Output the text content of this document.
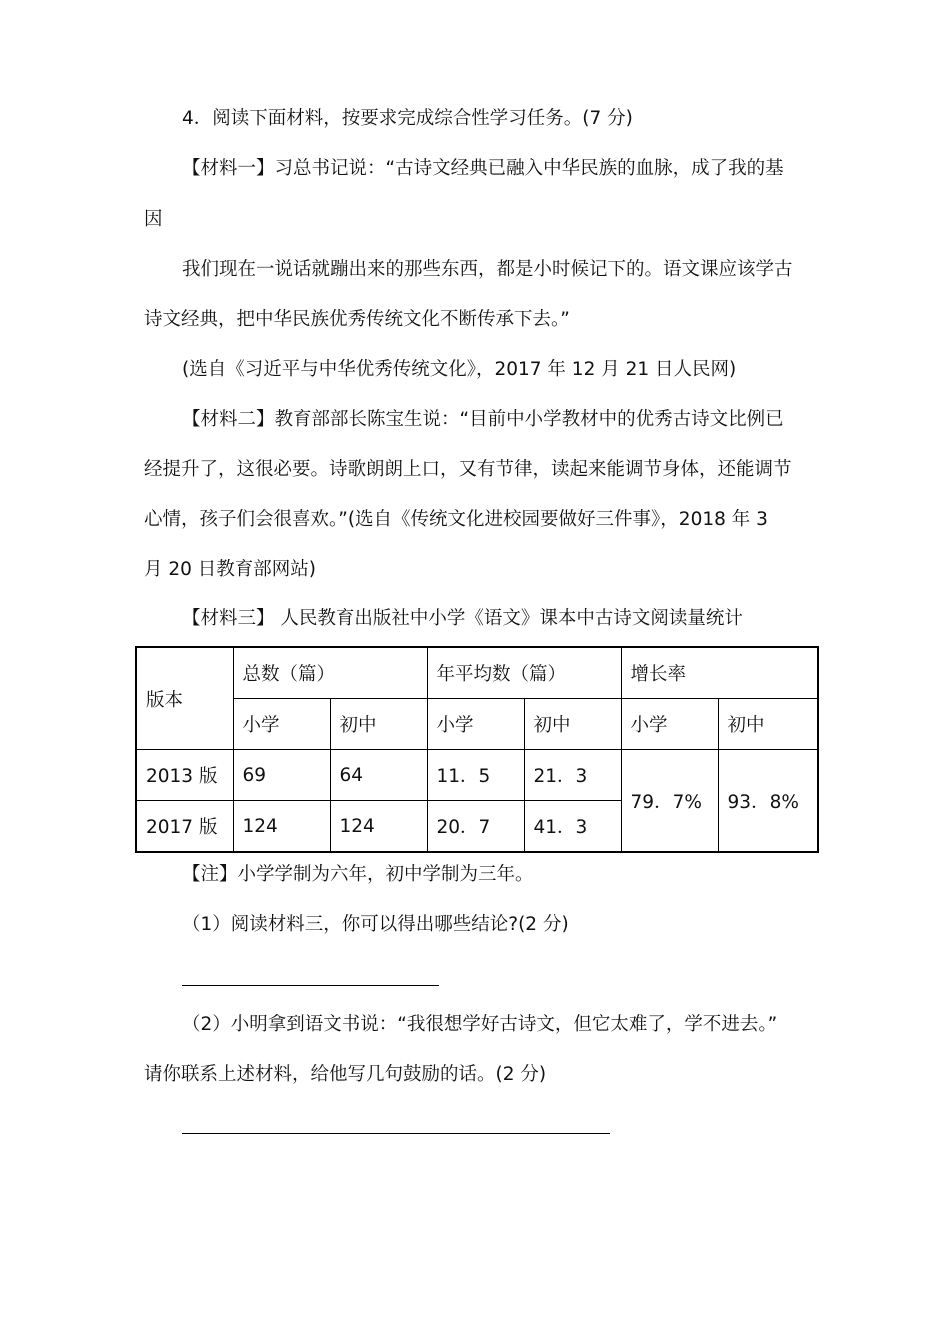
4．阅读下面材料，按要求完成综合性学习任务。(7 分)

【材料一】习总书记说：“古诗文经典已融入中华民族的血脉，成了我的基

因

我们现在一说话就蹦出来的那些东西，都是小时候记下的。语文课应该学古

诗文经典，把中华民族优秀传统文化不断传承下去。”

(选自《习近平与中华优秀传统文化》，2017 年 12 月 21 日人民网)

【材料二】教育部部长陈宝生说：“目前中小学教材中的优秀古诗文比例已

经提升了，这很必要。诗歌朗朗上口，又有节律，读起来能调节身体，还能调节

心情，孩子们会很喜欢。”(选自《传统文化进校园要做好三件事》，2018 年 3

月 20 日教育部网站)

【材料三】 人民教育出版社中小学《语文》课本中古诗文阅读量统计

版本	总数（篇）		年平均数（篇）		增长率	
	小学	初中	小学	初中	小学	初中
2013 版	69	64	11．5	21．3	79．7%	93．8%
2017 版	124	124	20．7	41．3		

【注】小学学制为六年，初中学制为三年。

（1）阅读材料三，你可以得出哪些结论?(2 分)

（2）小明拿到语文书说：“我很想学好古诗文，但它太难了，学不进去。”

请你联系上述材料，给他写几句鼓励的话。(2 分)
